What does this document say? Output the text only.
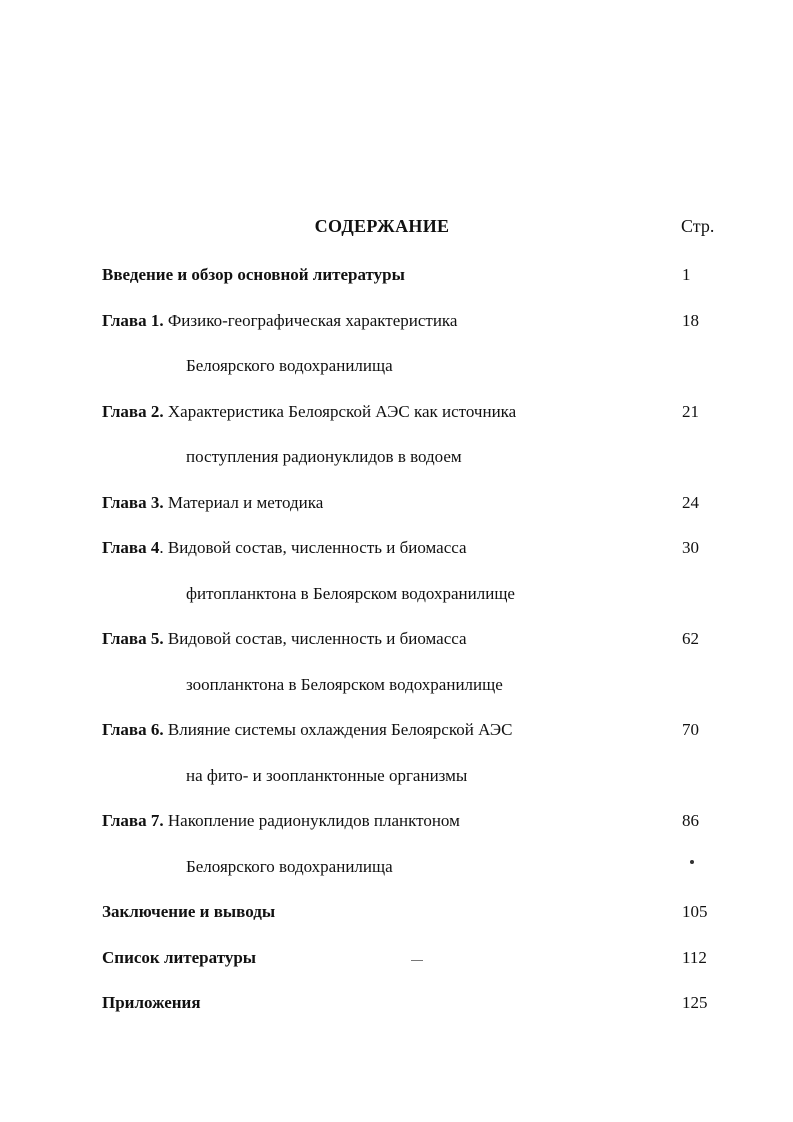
СОДЕРЖАНИЕ	Стр.
Введение и обзор основной литературы	1
Глава 1. Физико-географическая характеристика	18
Белоярского водохранилища
Глава 2. Характеристика Белоярской АЭС как источника	21
поступления радионуклидов в водоем
Глава 3. Материал и методика	24
Глава 4. Видовой состав, численность и биомасса	30
фитопланктона в Белоярском водохранилище
Глава 5. Видовой состав, численность и биомасса	62
зоопланктона в Белоярском водохранилище
Глава 6. Влияние системы охлаждения Белоярской АЭС	70
на фито- и зоопланктонные организмы
Глава 7. Накопление радионуклидов планктоном	86
Белоярского водохранилища
Заключение и выводы	105
Список литературы	112
Приложения	125
